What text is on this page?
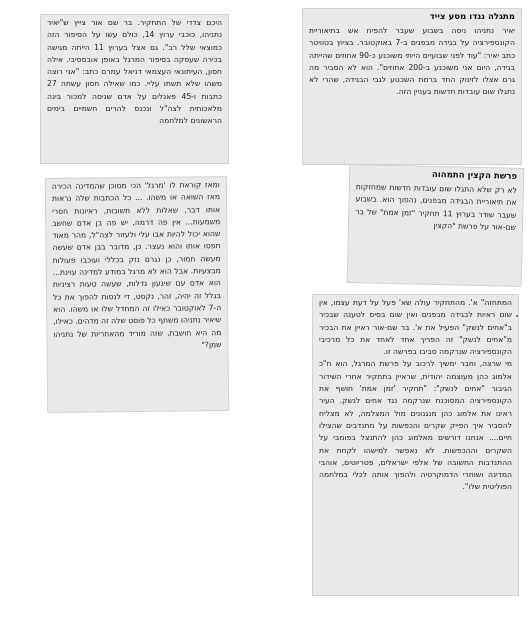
היכם צדדי של התחקיר. בר שם אור צייץ ש"יאיר נתניהו, כוכבי ערוץ 14, כולם עשו על הסיפור הזה כמוצאי שלל רב". גם אצל בערוץ 11 הייתה מגישה בכירה שעסקה בסיפור המרגל באופן אובססיבי. אילה חסון, העיתונאי העצמאי דניאל עמרם כתב: "אני רוצה משהו שלא תשתו עליי. כמו שאילה חסון עשתה 27 כתבות ו-45 פאנלים על אדם שניסה למכור בינה מלאכותית לצה"ל ונכנס להרים חשמיים בימים הראשונים למלחמה

מתגלה נגדו מסע צייד

יאיר נתניהו ניסה בשבוע שעבר להפיח אש בתיאוריית הקונספירציה על בגידה מבפנים ב-7 באוקטובר. בציוץ בטוויטר כתב יאיר: "עוד לפני שבועיים הייתי משוכנע כ-90 אחוזים שהייתה בגידה, היום אני משוכנע ב-200 אחוזים". הוא לא הסביר מה גרם אצלו לזינוק החד ברמת השכנוע לגבי הבגידה, שהרי לא נתגלו שום עובדות חדשות בעניין הזה.

ומאז קוראת לו 'מרגל' הכי מסוכן שהמדינה הכירה מאז השואה או משהו. ... כל הכתבות שלה נראות אותו דבר, שאלות ללא תשובות, ראיונות חסרי משמעות... אין פה דרמה, יש פה בן אדם שחשב שהוא יכול להיות אבו עלי ולעזור לצה"ל, מהר מאוד תפסו אותו והוא נעצר. כן, מדובר בבן אדם שעשה מעשה חמור, כן נגרם נזק בכללי ועוכבו פעולות מבצעיות. אבל הוא לא מרגל במודע למדינה עוינת... הוא אדם עם שיגעון גדלות, שעשה טעות רציניות בגלל זה יהיה, זהר, נקסט, די לנסות להפוך את כל ה-7 לאוקטובר כאילו זה המחדל שלו או משהו. הוא שיאיר נתניהו משתף כל פוסט שלה זה מדהים. כאילו, מה היא חושבת, שזה מוריד מהאחריות של נתניהו שמן?"

פרשת הקצין התמהוה

לא רק שלא התגלו שום עובדות חדשות שמחזקות את תיאוריית הבגידה מבפנים, נהפוך הוא. בשבוע שעבר שודר בערוץ 11 תחקיר "זמן אמת" של בר שם-אור על פרשת "הקצין

המתחזה" א'. מהתחקיר עולה שא' פעל על דעת עצמו, אין שום ראיות לבגידה מבפנים ואין שום בסיס לטענה שבכיר ב"אחים לנשק" הפעיל את א'. בר שם-אור ראיין את הבכיר מ"אחים לנשק" זה הפריך אחד לאחד את כל מרכיבי הקונספירציה שנרקמה סביבו בפרשה זו.

מי שרצה, וחבר ימשיך לרכוב על פרשת המרגל, הוא ח"כ אלמוג כהן מעוצמה יהודית, שראיין בתחקיר אחרי השידור הגיבור "אחים לנשק": "תחקיר 'זמן אמת' חושף את הקונספירציה המסוכנת שנרקמה נגד אחים לנשק. העיר ראינו את אלמוג כהן מנגנונים מול המצלמה, לא מצליח להסביר איך הפייק שקרים והכפשות על מתנדבים שהצילו חיים.... אנחנו דורשים מאלמוג כהן להתנצל בפומבי על השקרים וההכפשות. לא נאפשר למישהו לקחת את ההתנדבות החשובה של אלפי ישראלים, פטריוטים, אוהבי המדינה ושוחרי הדמוקרטיה ולהפוך אותה לכלי במלחמה הפוליטית שלו".
